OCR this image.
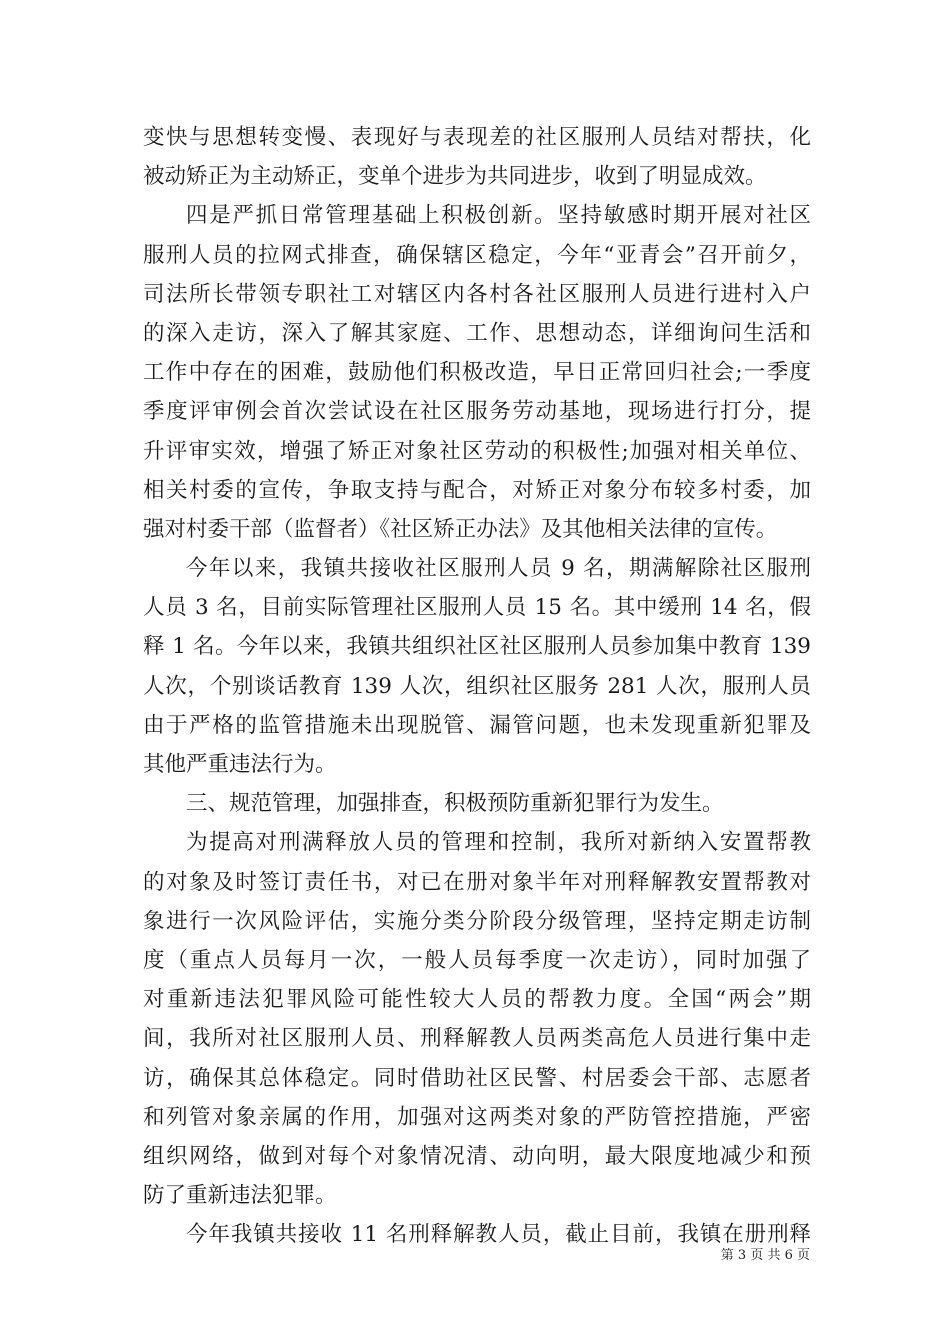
变快与思想转变慢、表现好与表现差的社区服刑人员结对帮扶，化
被动矫正为主动矫正，变单个进步为共同进步，收到了明显成效。
四是严抓日常管理基础上积极创新。坚持敏感时期开展对社区
服刑人员的拉网式排查，确保辖区稳定，今年“亚青会”召开前夕，
司法所长带领专职社工对辖区内各村各社区服刑人员进行进村入户
的深入走访，深入了解其家庭、工作、思想动态，详细询问生活和
工作中存在的困难，鼓励他们积极改造，早日正常回归社会;一季度
季度评审例会首次尝试设在社区服务劳动基地，现场进行打分，提
升评审实效，增强了矫正对象社区劳动的积极性;加强对相关单位、
相关村委的宣传，争取支持与配合，对矫正对象分布较多村委，加
强对村委干部（监督者）《社区矫正办法》及其他相关法律的宣传。
今年以来，我镇共接收社区服刑人员 9 名，期满解除社区服刑
人员 3 名，目前实际管理社区服刑人员 15 名。其中缓刑 14 名，假
释 1 名。今年以来，我镇共组织社区社区服刑人员参加集中教育 139
人次，个别谈话教育 139 人次，组织社区服务 281 人次，服刑人员
由于严格的监管措施未出现脱管、漏管问题，也未发现重新犯罪及
其他严重违法行为。
三、规范管理，加强排查，积极预防重新犯罪行为发生。
为提高对刑满释放人员的管理和控制，我所对新纳入安置帮教
的对象及时签订责任书，对已在册对象半年对刑释解教安置帮教对
象进行一次风险评估，实施分类分阶段分级管理，坚持定期走访制
度（重点人员每月一次，一般人员每季度一次走访），同时加强了
对重新违法犯罪风险可能性较大人员的帮教力度。全国“两会”期
间，我所对社区服刑人员、刑释解教人员两类高危人员进行集中走
访，确保其总体稳定。同时借助社区民警、村居委会干部、志愿者
和列管对象亲属的作用，加强对这两类对象的严防管控措施，严密
组织网络，做到对每个对象情况清、动向明，最大限度地减少和预
防了重新违法犯罪。
今年我镇共接收 11 名刑释解教人员，截止目前，我镇在册刑释
第 3 页 共 6 页
